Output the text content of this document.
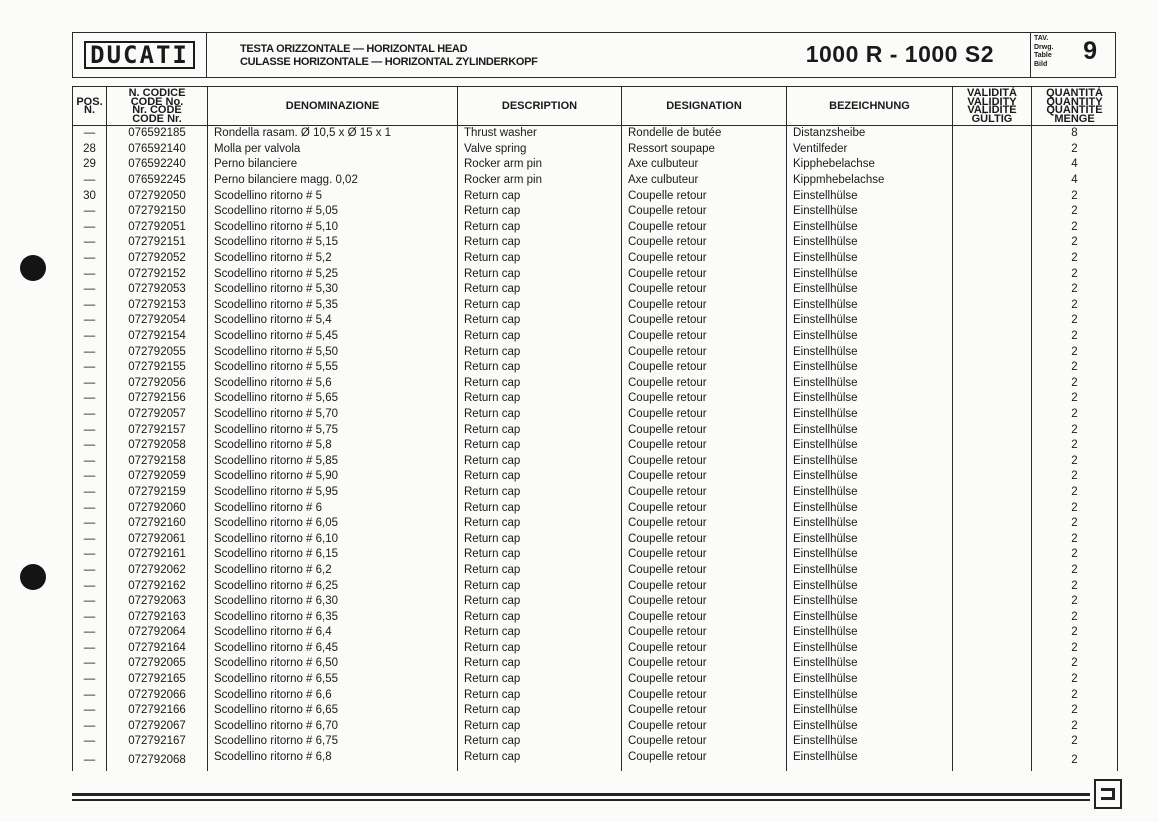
DUCATI	TESTA ORIZZONTALE — HORIZONTAL HEAD
CULASSE HORIZONTALE — HORIZONTAL ZYLINDERKOPF	1000 R - 1000 S2
TAV.
Drwg.
Table
Bild 9
POS.
N.

N. CODICE
CODE No.
Nr. CODE
CODE Nr.
	DENOMINAZIONE	DESCRIPTION	DESIGNATION	BEZEICHNUNG	
VALIDITÀ
VALIDITY
VALIDITE
GÜLTIG

QUANTITÀ
QUANTITY
QUANTITE
MENGE

—	076592185	Rondella rasam. Ø 10,5 x Ø 15 x 1	Thrust washer	Rondelle de butée	Distanzsheibe		8
28	076592140	Molla per valvola	Valve spring	Ressort soupape	Ventilfeder		2
29	076592240	Perno bilanciere	Rocker arm pin	Axe culbuteur	Kipphebelachse		4
—	076592245	Perno bilanciere magg. 0,02	Rocker arm pin	Axe culbuteur	Kippmhebelachse		4
30	072792050	Scodellino ritorno # 5	Return cap	Coupelle retour	Einstellhülse		2
—	072792150	Scodellino ritorno # 5,05	Return cap	Coupelle retour	Einstellhülse		2
—	072792051	Scodellino ritorno # 5,10	Return cap	Coupelle retour	Einstellhülse		2
—	072792151	Scodellino ritorno # 5,15	Return cap	Coupelle retour	Einstellhülse		2
—	072792052	Scodellino ritorno # 5,2	Return cap	Coupelle retour	Einstellhülse		2
—	072792152	Scodellino ritorno # 5,25	Return cap	Coupelle retour	Einstellhülse		2
—	072792053	Scodellino ritorno # 5,30	Return cap	Coupelle retour	Einstellhülse		2
—	072792153	Scodellino ritorno # 5,35	Return cap	Coupelle retour	Einstellhülse		2
—	072792054	Scodellino ritorno # 5,4	Return cap	Coupelle retour	Einstellhülse		2
—	072792154	Scodellino ritorno # 5,45	Return cap	Coupelle retour	Einstellhülse		2
—	072792055	Scodellino ritorno # 5,50	Return cap	Coupelle retour	Einstellhülse		2
—	072792155	Scodellino ritorno # 5,55	Return cap	Coupelle retour	Einstellhülse		2
—	072792056	Scodellino ritorno # 5,6	Return cap	Coupelle retour	Einstellhülse		2
—	072792156	Scodellino ritorno # 5,65	Return cap	Coupelle retour	Einstellhülse		2
—	072792057	Scodellino ritorno # 5,70	Return cap	Coupelle retour	Einstellhülse		2
—	072792157	Scodellino ritorno # 5,75	Return cap	Coupelle retour	Einstellhülse		2
—	072792058	Scodellino ritorno # 5,8	Return cap	Coupelle retour	Einstellhülse		2
—	072792158	Scodellino ritorno # 5,85	Return cap	Coupelle retour	Einstellhülse		2
—	072792059	Scodellino ritorno # 5,90	Return cap	Coupelle retour	Einstellhülse		2
—	072792159	Scodellino ritorno # 5,95	Return cap	Coupelle retour	Einstellhülse		2
—	072792060	Scodellino ritorno # 6	Return cap	Coupelle retour	Einstellhülse		2
—	072792160	Scodellino ritorno # 6,05	Return cap	Coupelle retour	Einstellhülse		2
—	072792061	Scodellino ritorno # 6,10	Return cap	Coupelle retour	Einstellhülse		2
—	072792161	Scodellino ritorno # 6,15	Return cap	Coupelle retour	Einstellhülse		2
—	072792062	Scodellino ritorno # 6,2	Return cap	Coupelle retour	Einstellhülse		2
—	072792162	Scodellino ritorno # 6,25	Return cap	Coupelle retour	Einstellhülse		2
—	072792063	Scodellino ritorno # 6,30	Return cap	Coupelle retour	Einstellhülse		2
—	072792163	Scodellino ritorno # 6,35	Return cap	Coupelle retour	Einstellhülse		2
—	072792064	Scodellino ritorno # 6,4	Return cap	Coupelle retour	Einstellhülse		2
—	072792164	Scodellino ritorno # 6,45	Return cap	Coupelle retour	Einstellhülse		2
—	072792065	Scodellino ritorno # 6,50	Return cap	Coupelle retour	Einstellhülse		2
—	072792165	Scodellino ritorno # 6,55	Return cap	Coupelle retour	Einstellhülse		2
—	072792066	Scodellino ritorno # 6,6	Return cap	Coupelle retour	Einstellhülse		2
—	072792166	Scodellino ritorno # 6,65	Return cap	Coupelle retour	Einstellhülse		2
—	072792067	Scodellino ritorno # 6,70	Return cap	Coupelle retour	Einstellhülse		2
—	072792167	Scodellino ritorno # 6,75	Return cap	Coupelle retour	Einstellhülse		2
—	072792068	Scodellino ritorno # 6,8	Return cap	Coupelle retour	Einstellhülse		2
